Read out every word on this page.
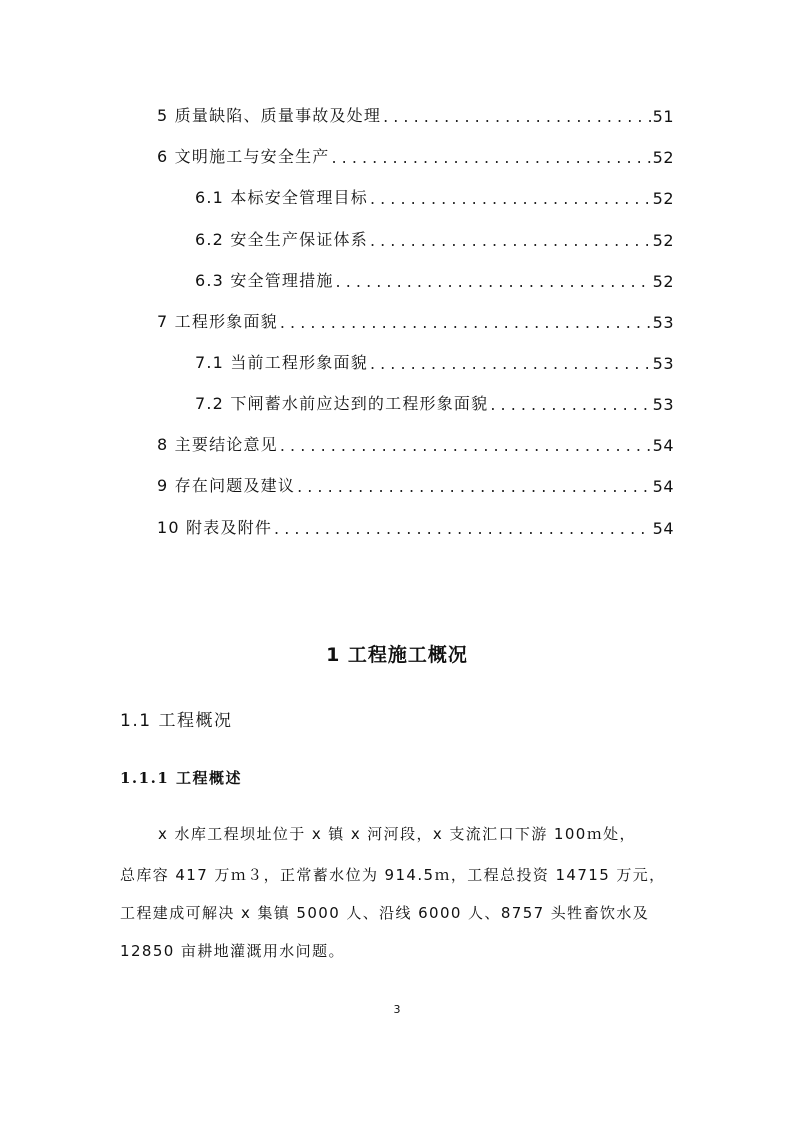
5 质量缺陷、质量事故及处理 . . .	51
6 文明施工与安全生产 . . .	52
6.1 本标安全管理目标 . . .	52
6.2 安全生产保证体系 . . .	52
6.3 安全管理措施 . . .	52
7 工程形象面貌 . . .	53
7.1 当前工程形象面貌 . . .	53
7.2 下闸蓄水前应达到的工程形象面貌 . . .	53
8 主要结论意见 . . .	54
9 存在问题及建议 . . .	54
10 附表及附件 . . .	54
1 工程施工概况
1.1 工程概况
1.1.1 工程概述
x 水库工程坝址位于 x 镇 x 河河段，x 支流汇口下游 100ｍ处，
总库容 417 万ｍ３，正常蓄水位为 914.5ｍ，工程总投资 14715 万元，
工程建成可解决 x 集镇 5000 人、沿线 6000 人、8757 头牲畜饮水及
12850 亩耕地灌溉用水问题。
3
